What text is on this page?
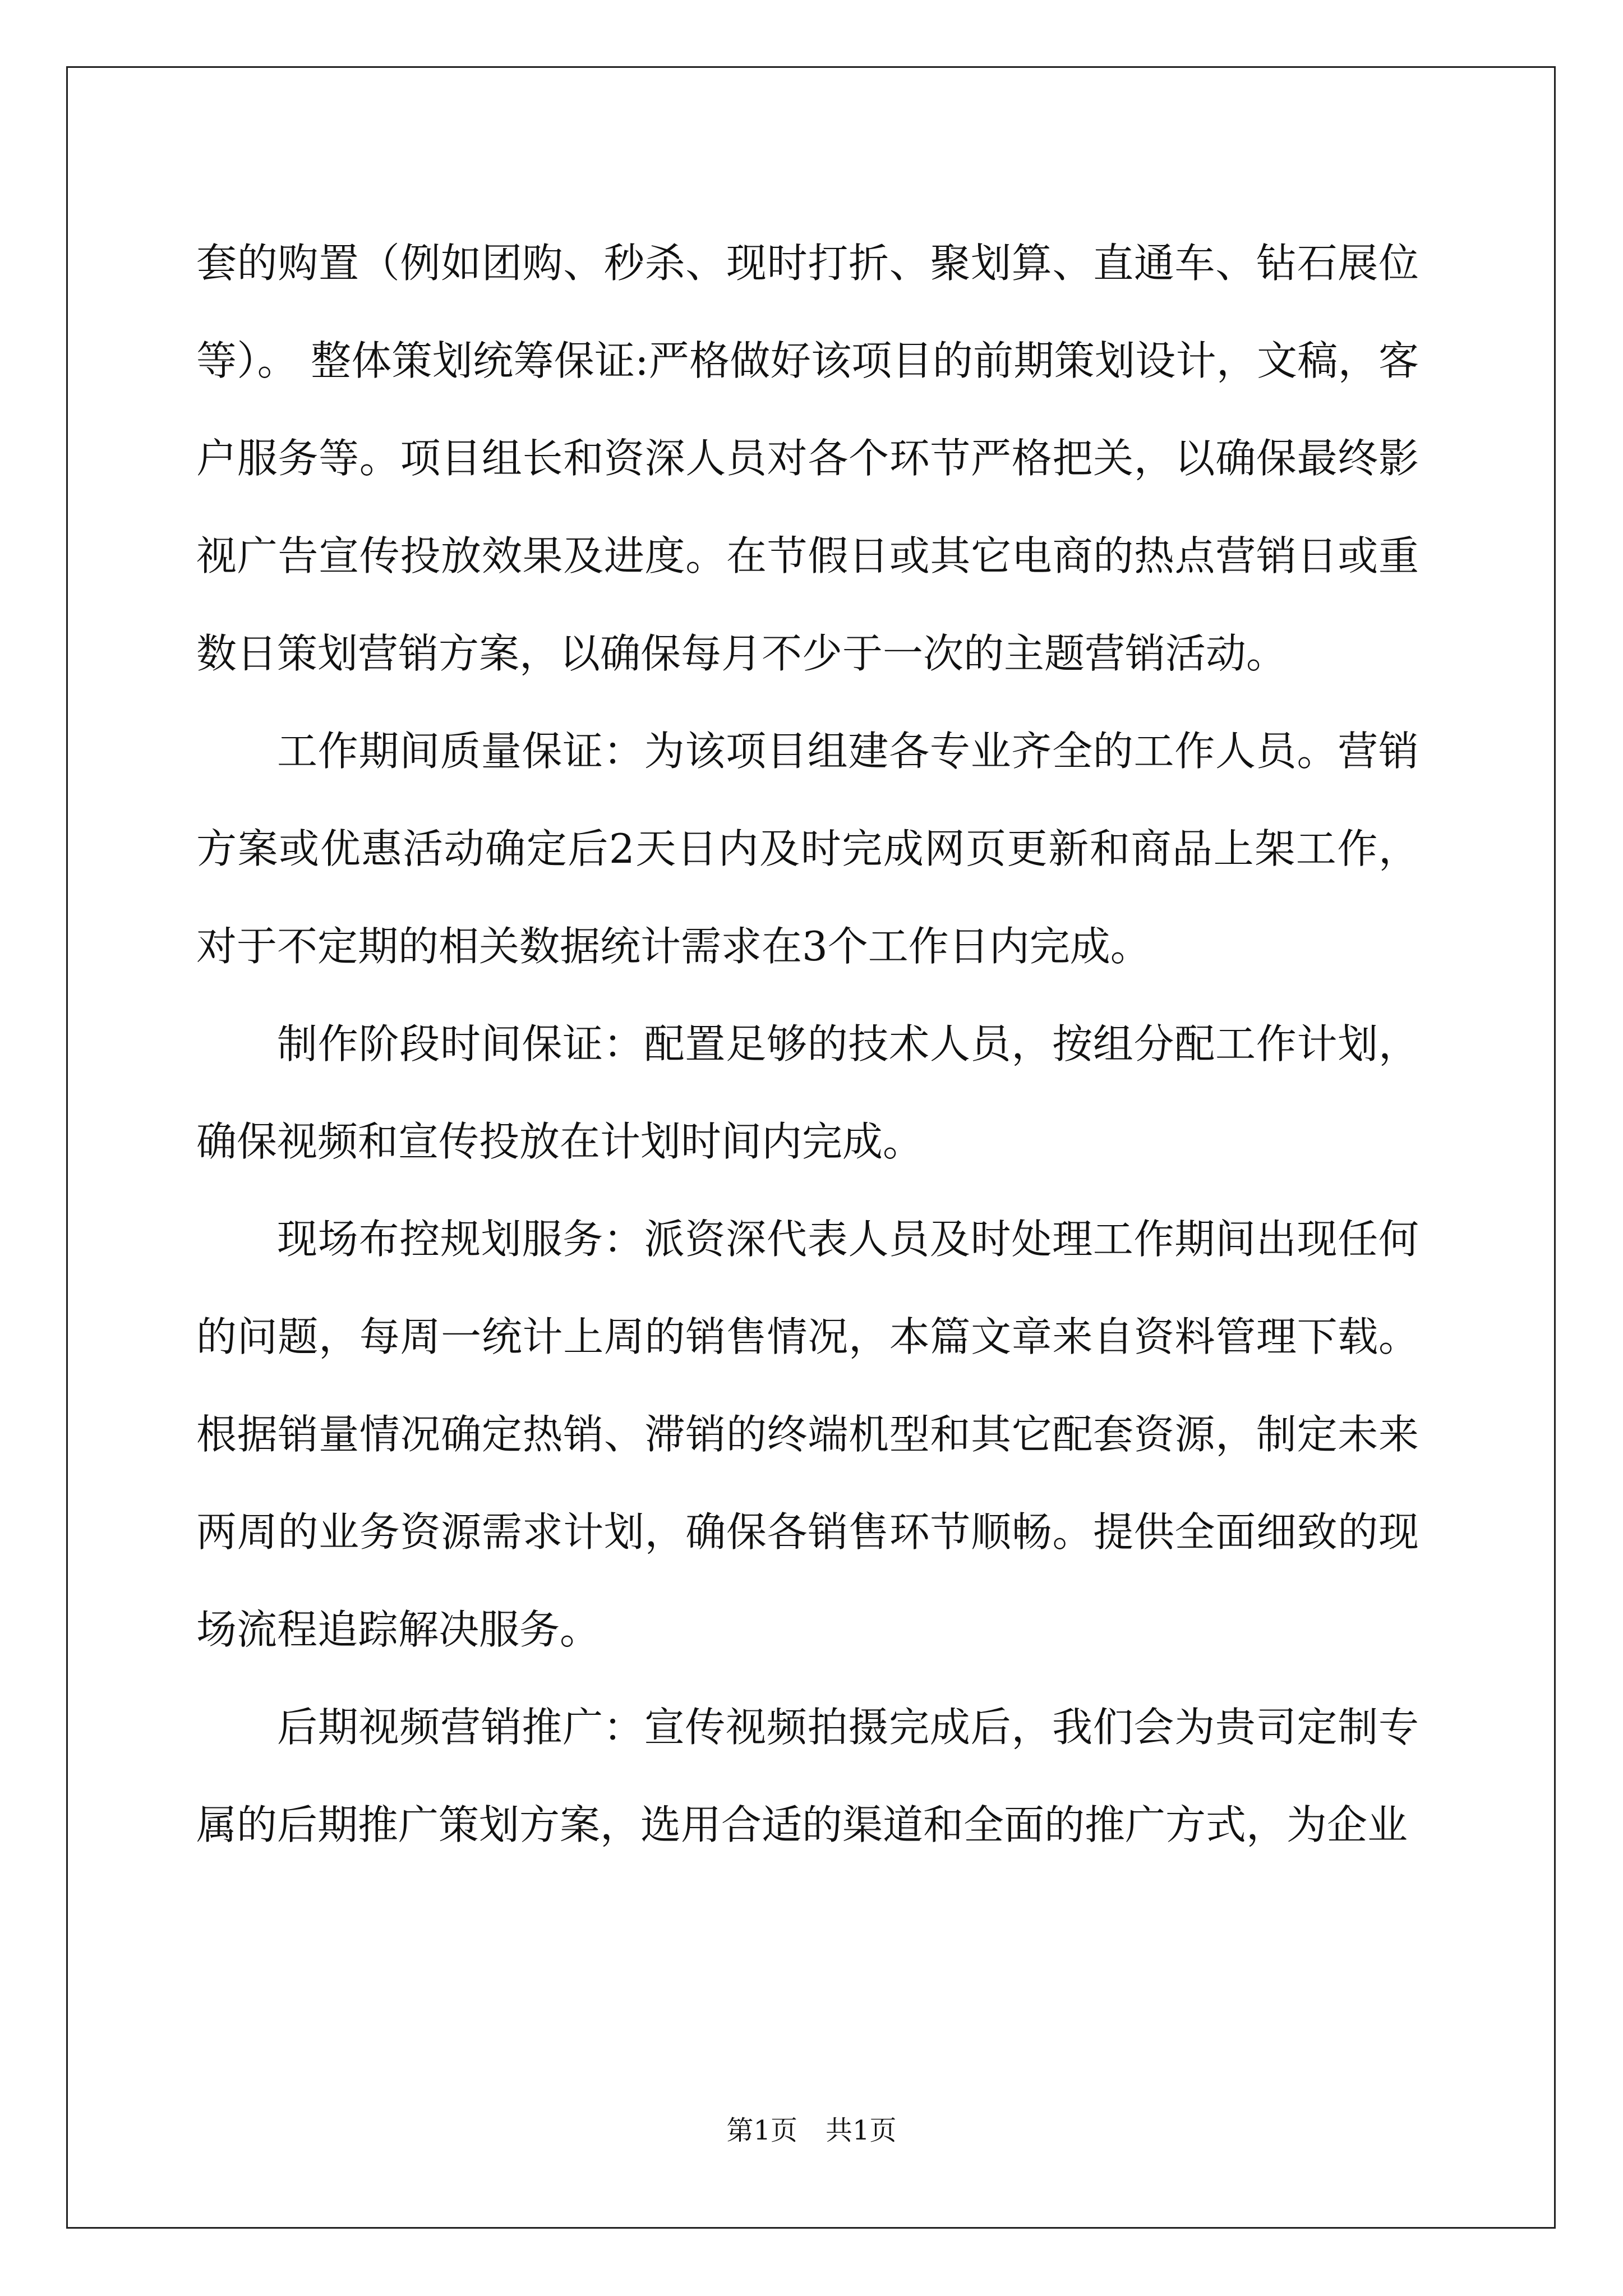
套的购置（例如团购、秒杀、现时打折、聚划算、直通车、钻石展位等）。 整体策划统筹保证:严格做好该项目的前期策划设计，文稿，客户服务等。项目组长和资深人员对各个环节严格把关，以确保最终影视广告宣传投放效果及进度。在节假日或其它电商的热点营销日或重数日策划营销方案，以确保每月不少于一次的主题营销活动。

工作期间质量保证：为该项目组建各专业齐全的工作人员。营销方案或优惠活动确定后2天日内及时完成网页更新和商品上架工作，对于不定期的相关数据统计需求在3个工作日内完成。

制作阶段时间保证：配置足够的技术人员，按组分配工作计划，确保视频和宣传投放在计划时间内完成。

现场布控规划服务：派资深代表人员及时处理工作期间出现任何的问题，每周一统计上周的销售情况，本篇文章来自资料管理下载。根据销量情况确定热销、滞销的终端机型和其它配套资源，制定未来两周的业务资源需求计划，确保各销售环节顺畅。提供全面细致的现场流程追踪解决服务。

后期视频营销推广：宣传视频拍摄完成后，我们会为贵司定制专属的后期推广策划方案，选用合适的渠道和全面的推广方式，为企业

第1页 共1页
